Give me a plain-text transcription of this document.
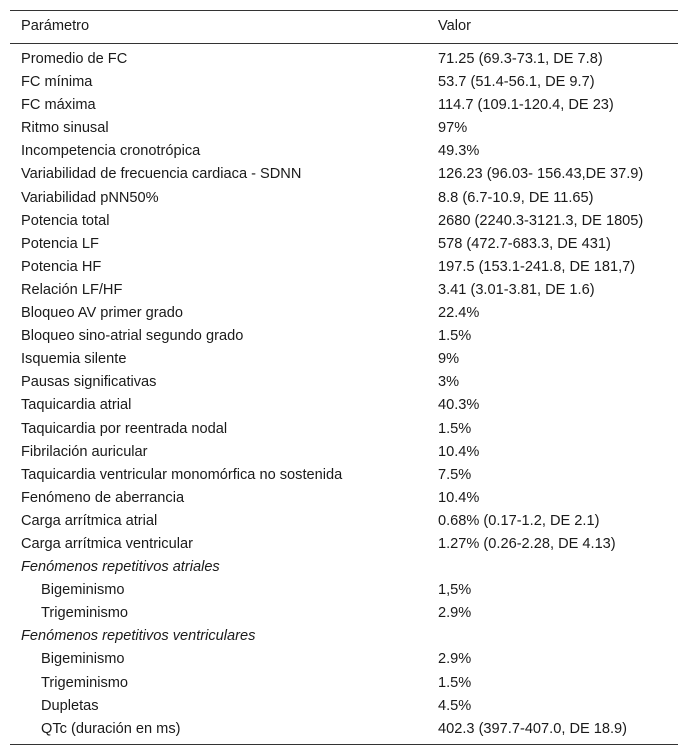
Parámetro	Valor
Promedio de FC	71.25 (69.3-73.1, DE 7.8)
FC mínima	53.7 (51.4-56.1, DE 9.7)
FC máxima	114.7 (109.1-120.4, DE 23)
Ritmo sinusal	97%
Incompetencia cronotrópica	49.3%
Variabilidad de frecuencia cardiaca - SDNN	126.23 (96.03- 156.43,DE 37.9)
Variabilidad pNN50%	8.8 (6.7-10.9, DE 11.65)
Potencia total	2680 (2240.3-3121.3, DE 1805)
Potencia LF	578 (472.7-683.3, DE 431)
Potencia HF	197.5 (153.1-241.8, DE 181,7)
Relación LF/HF	3.41 (3.01-3.81, DE 1.6)
Bloqueo AV primer grado	22.4%
Bloqueo sino-atrial segundo grado	1.5%
Isquemia silente	9%
Pausas significativas	3%
Taquicardia atrial	40.3%
Taquicardia por reentrada nodal	1.5%
Fibrilación auricular	10.4%
Taquicardia ventricular monomórfica no sostenida	7.5%
Fenómeno de aberrancia	10.4%
Carga arrítmica atrial	0.68% (0.17-1.2, DE 2.1)
Carga arrítmica ventricular	1.27% (0.26-2.28, DE 4.13)
Fenómenos repetitivos atriales	
Bigeminismo	1,5%
Trigeminismo	2.9%
Fenómenos repetitivos ventriculares	
Bigeminismo	2.9%
Trigeminismo	1.5%
Dupletas	4.5%
QTc (duración en ms)	402.3 (397.7-407.0, DE 18.9)
